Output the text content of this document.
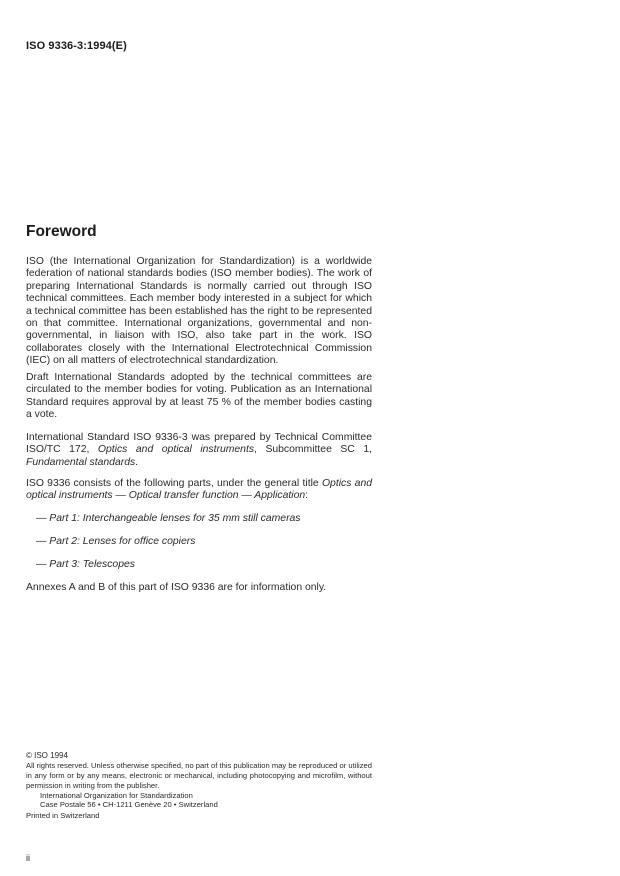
ISO 9336-3:1994(E)
Foreword

ISO (the International Organization for Standardization) is a worldwide federation of national standards bodies (ISO member bodies). The work of preparing International Standards is normally carried out through ISO technical committees. Each member body interested in a subject for which a technical committee has been established has the right to be represented on that committee. International organizations, governmental and non-governmental, in liaison with ISO, also take part in the work. ISO collaborates closely with the International Electrotechnical Commission (IEC) on all matters of electrotechnical standardization.

Draft International Standards adopted by the technical committees are circulated to the member bodies for voting. Publication as an International Standard requires approval by at least 75 % of the member bodies casting a vote.

International Standard ISO 9336-3 was prepared by Technical Committee ISO/TC 172, Optics and optical instruments, Subcommittee SC 1, Fundamental standards.

ISO 9336 consists of the following parts, under the general title Optics and optical instruments — Optical transfer function — Application:

— Part 1: Interchangeable lenses for 35 mm still cameras

— Part 2: Lenses for office copiers

— Part 3: Telescopes

Annexes A and B of this part of ISO 9336 are for information only.

© ISO 1994

All rights reserved. Unless otherwise specified, no part of this publication may be reproduced or utilized in any form or by any means, electronic or mechanical, including photocopying and microfilm, without permission in writing from the publisher.

International Organization for Standardization
Case Postale 56 • CH-1211 Genève 20 • Switzerland
Printed in Switzerland
ii
